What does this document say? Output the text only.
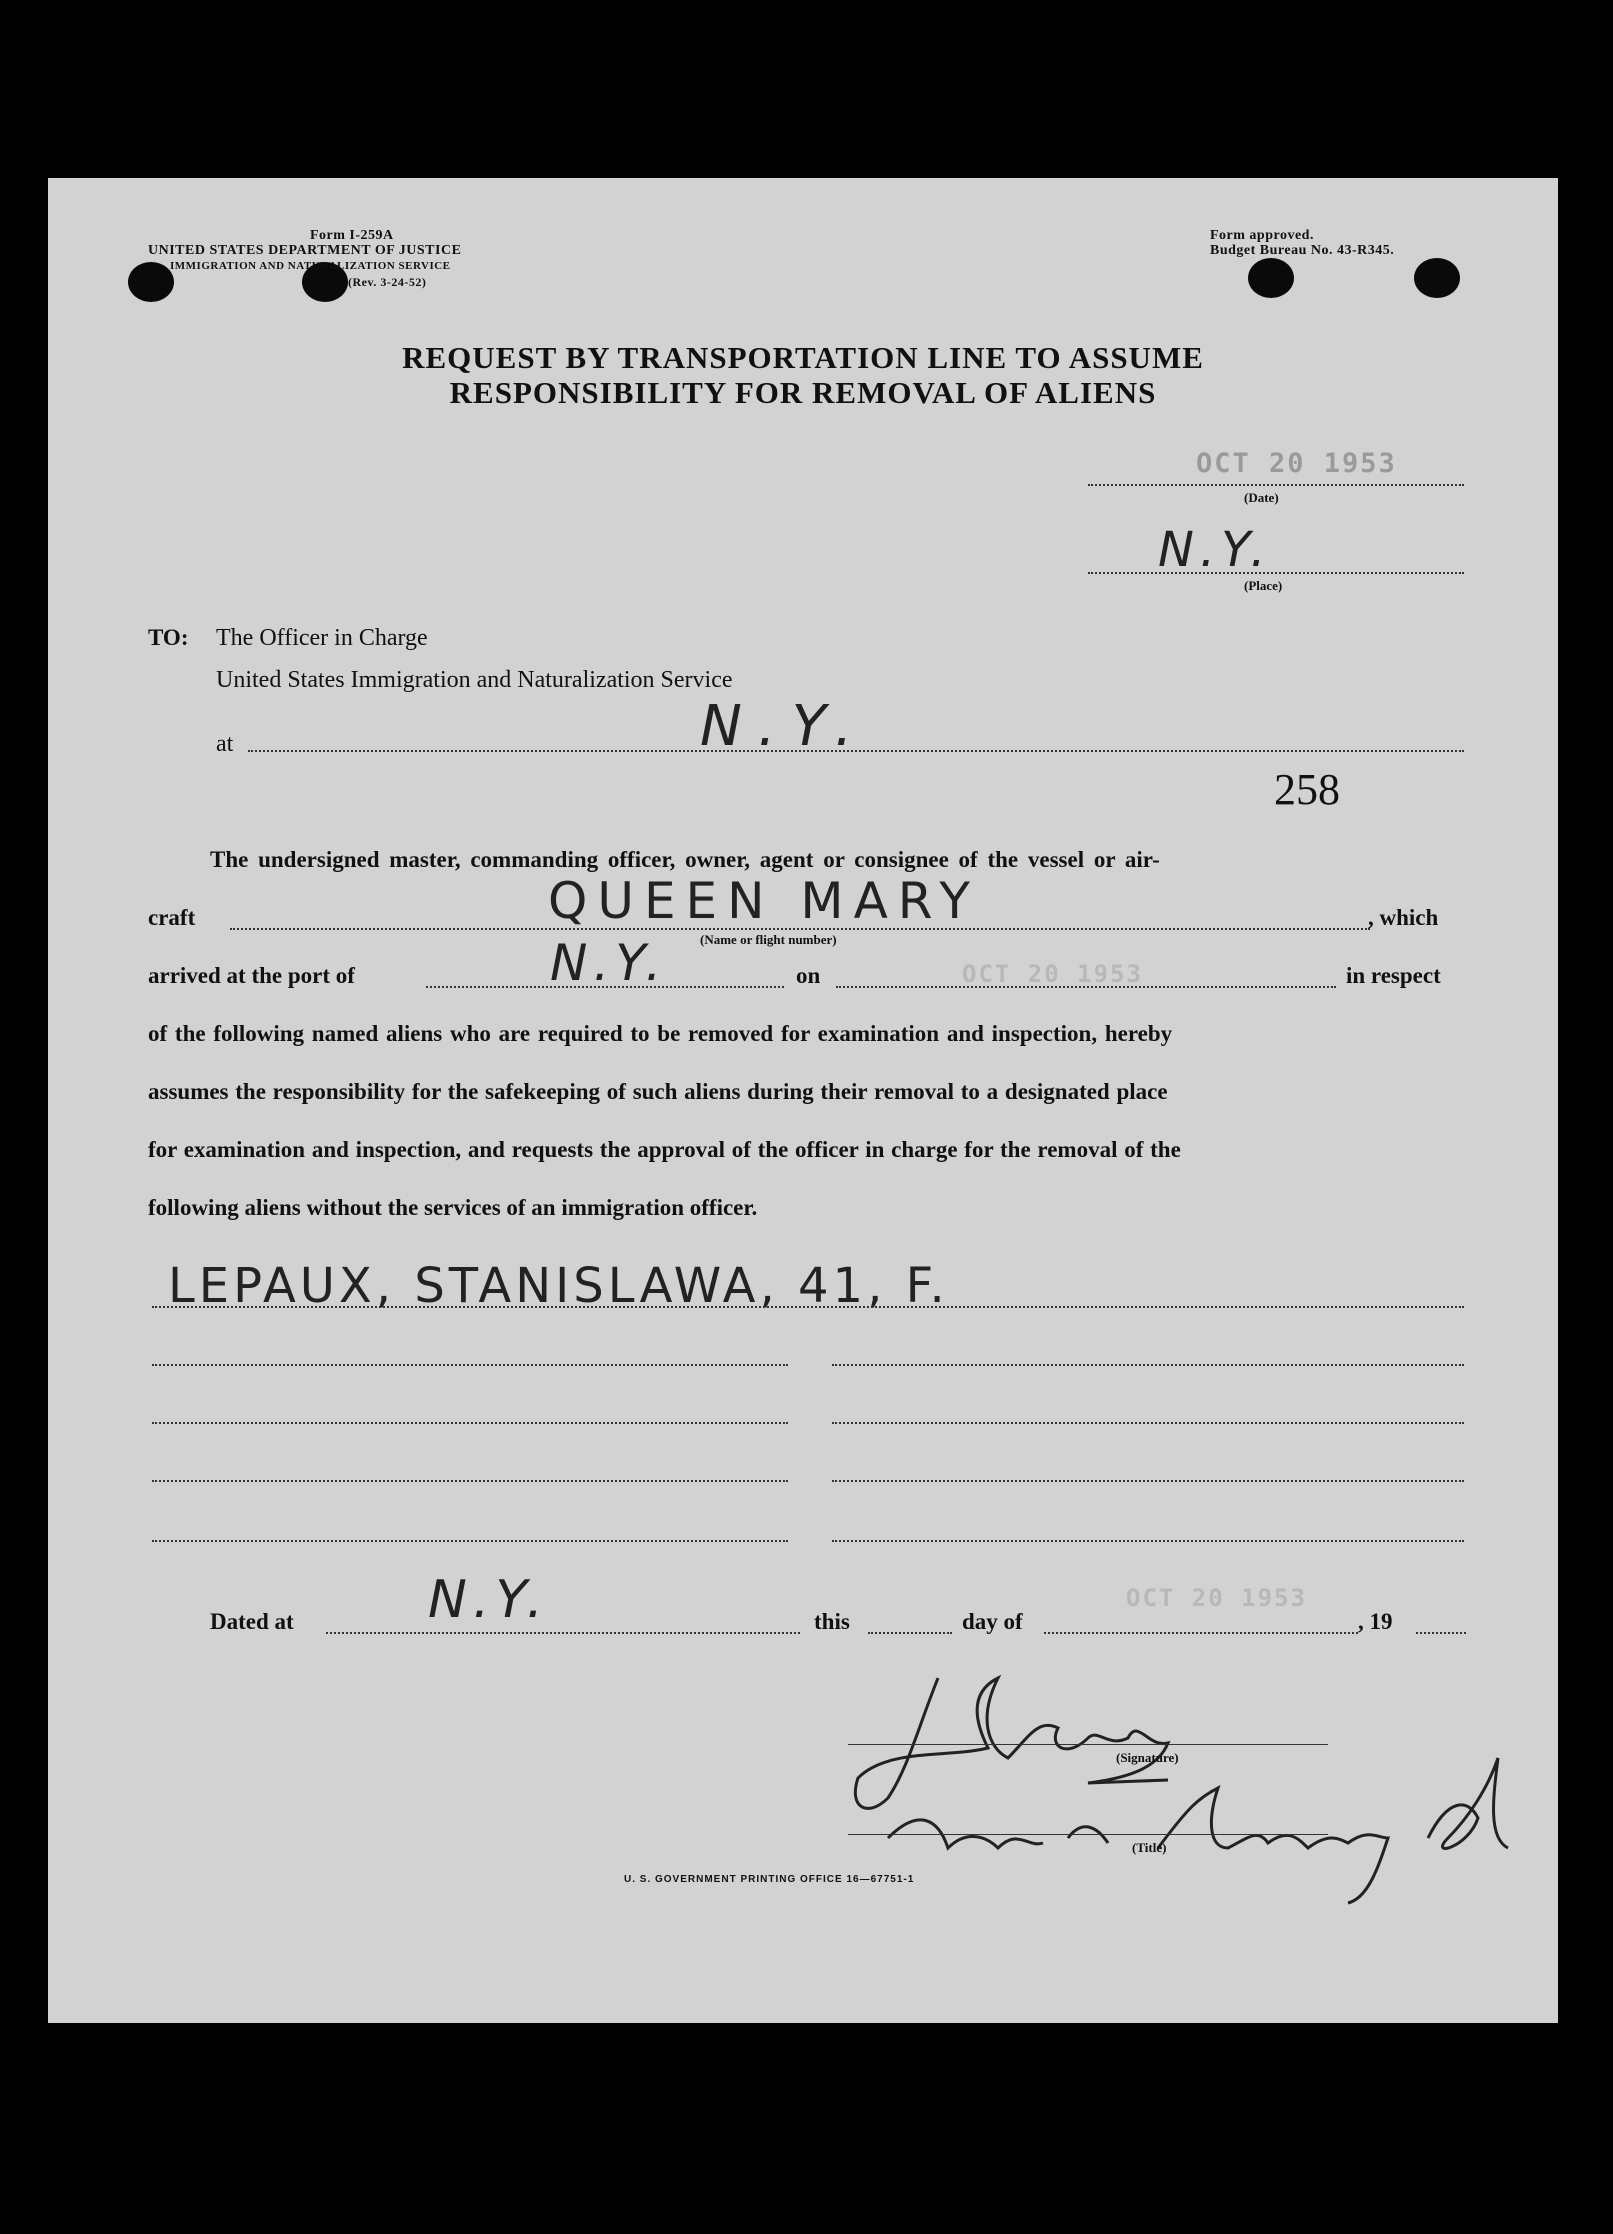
Form I-259A
UNITED STATES DEPARTMENT OF JUSTICE
IMMIGRATION AND NATURALIZATION SERVICE
(Rev. 3-24-52)
Form approved.
Budget Bureau No. 43-R345.
REQUEST BY TRANSPORTATION LINE TO ASSUME
RESPONSIBILITY FOR REMOVAL OF ALIENS
OCT 20 1953
(Date)
N.Y.
(Place)
TO: The Officer in Charge
United States Immigration and Naturalization Service
at	N.Y.
258
The undersigned master, commanding officer, owner, agent or consignee of the vessel or air-
craft	QUEEN MARY
(Name or flight number)
, which
arrived at the port of	N.Y.	on	OCT 20 1953	in respect
of the following named aliens who are required to be removed for examination and inspection, hereby
assumes the responsibility for the safekeeping of such aliens during their removal to a designated place
for examination and inspection, and requests the approval of the officer in charge for the removal of the
following aliens without the services of an immigration officer.
LEPAUX, STANISLAWA, 41, F.
Dated at	N.Y.	this	day of
OCT 20 1953
, 19
(Signature)
(Title)
U. S. GOVERNMENT PRINTING OFFICE 16—67751-1
